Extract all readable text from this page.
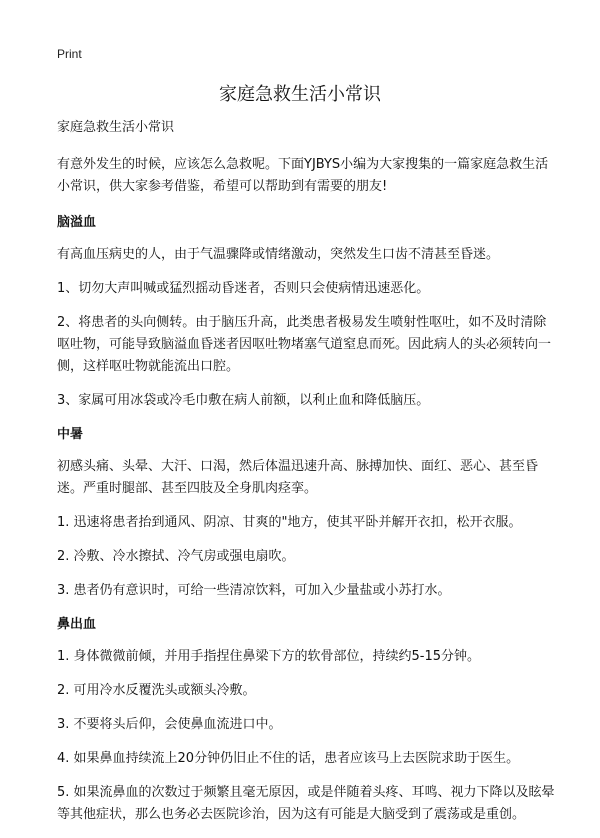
Print
家庭急救生活小常识
家庭急救生活小常识

有意外发生的时候，应该怎么急救呢。下面YJBYS小编为大家搜集的一篇家庭急救生活小常识，供大家参考借鉴，希望可以帮助到有需要的朋友!

脑溢血

有高血压病史的人，由于气温骤降或情绪激动，突然发生口齿不清甚至昏迷。

1、切勿大声叫喊或猛烈摇动昏迷者，否则只会使病情迅速恶化。

2、将患者的头向侧转。由于脑压升高，此类患者极易发生喷射性呕吐，如不及时清除呕吐物，可能导致脑溢血昏迷者因呕吐物堵塞气道窒息而死。因此病人的头必须转向一侧，这样呕吐物就能流出口腔。

3、家属可用冰袋或冷毛巾敷在病人前额，以利止血和降低脑压。

中暑

初感头痛、头晕、大汗、口渴，然后体温迅速升高、脉搏加快、面红、恶心、甚至昏迷。严重时腿部、甚至四肢及全身肌肉痉挛。

1. 迅速将患者抬到通风、阴凉、甘爽的"地方，使其平卧并解开衣扣，松开衣服。

2. 冷敷、冷水擦拭、冷气房或强电扇吹。

3. 患者仍有意识时，可给一些清凉饮料，可加入少量盐或小苏打水。

鼻出血

1. 身体微微前倾，并用手指捏住鼻梁下方的软骨部位，持续约5-15分钟。

2. 可用冷水反覆洗头或额头冷敷。

3. 不要将头后仰，会使鼻血流进口中。

4. 如果鼻血持续流上20分钟仍旧止不住的话，患者应该马上去医院求助于医生。

5. 如果流鼻血的次数过于频繁且毫无原因，或是伴随着头疼、耳鸣、视力下降以及眩晕等其他症状，那么也务必去医院诊治，因为这有可能是大脑受到了震荡或是重创。
